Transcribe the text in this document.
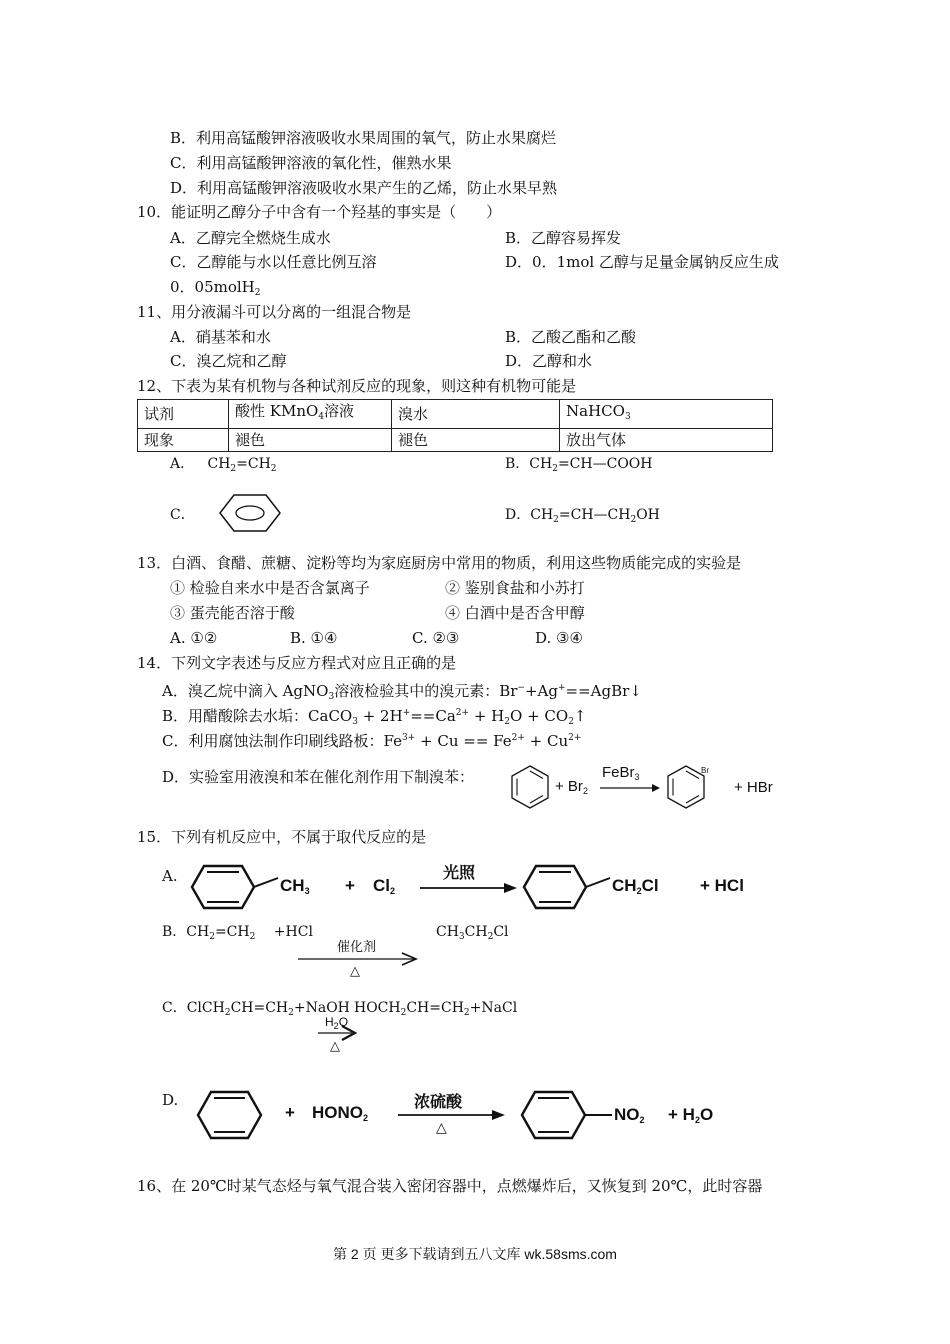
B．利用高锰酸钾溶液吸收水果周围的氧气，防止水果腐烂
C．利用高锰酸钾溶液的氧化性，催熟水果
D．利用高锰酸钾溶液吸收水果产生的乙烯，防止水果早熟
10．能证明乙醇分子中含有一个羟基的事实是（　　）
A．乙醇完全燃烧生成水	B．乙醇容易挥发
C．乙醇能与水以任意比例互溶	D．0．1mol 乙醇与足量金属钠反应生成
0．05molH$_2$
11、用分液漏斗可以分离的一组混合物是
A．硝基苯和水	B．乙酸乙酯和乙酸
C．溴乙烷和乙醇	D．乙醇和水
12、下表为某有机物与各种试剂反应的现象，则这种有机物可能是
试剂	酸性 KMnO$_4$溶液	溴水	NaHCO$_3$
现象	褪色	褪色	放出气体
A． $CH_2=CH_2$	B．$CH_2=CH—COOH$
C．	D．$CH_2=CH—CH_2OH$
13．白酒、食醋、蔗糖、淀粉等均为家庭厨房中常用的物质，利用这些物质能完成的实验是
① 检验自来水中是否含氯离子	② 鉴别食盐和小苏打
③ 蛋壳能否溶于酸	④ 白酒中是否含甲醇
A. ①②	B. ①④	C. ②③	D. ③④
14．下列文字表述与反应方程式对应且正确的是
A．溴乙烷中滴入 AgNO$_3$溶液检验其中的溴元素：Br−+Ag+==AgBr↓
B．用醋酸除去水垢：CaCO$_3$ + $2H^+==Ca^{2+} + H_2O$ + $CO_2↑$
C．利用腐蚀法制作印刷线路板：$Fe^{3+} + Cu == Fe^{2+} + Cu^{2+}$
D．实验室用液溴和苯在催化剂作用下制溴苯：
+ $Br_2$
FeBr$_3$
Br
+ HBr
15．下列有机反应中，不属于取代反应的是
A.	$CH_3 + Cl_2$
光照
$CH_2Cl$ + HCl
B．$CH_2=CH_2$ 　+HCl	$CH_3CH_2Cl$
催化剂
△
C．$ClCH_2CH=CH_2+NaOH$ $HOCH_2CH=CH_2+NaCl$
$H_2O$
△
D.
+ $HONO_2$
浓硫酸
△
$NO_2 + H_2O$
16、在 20℃时某气态烃与氧气混合装入密闭容器中，点燃爆炸后，又恢复到 20℃，此时容器
第 2 页 更多下载请到五八文库 wk.58sms.com
